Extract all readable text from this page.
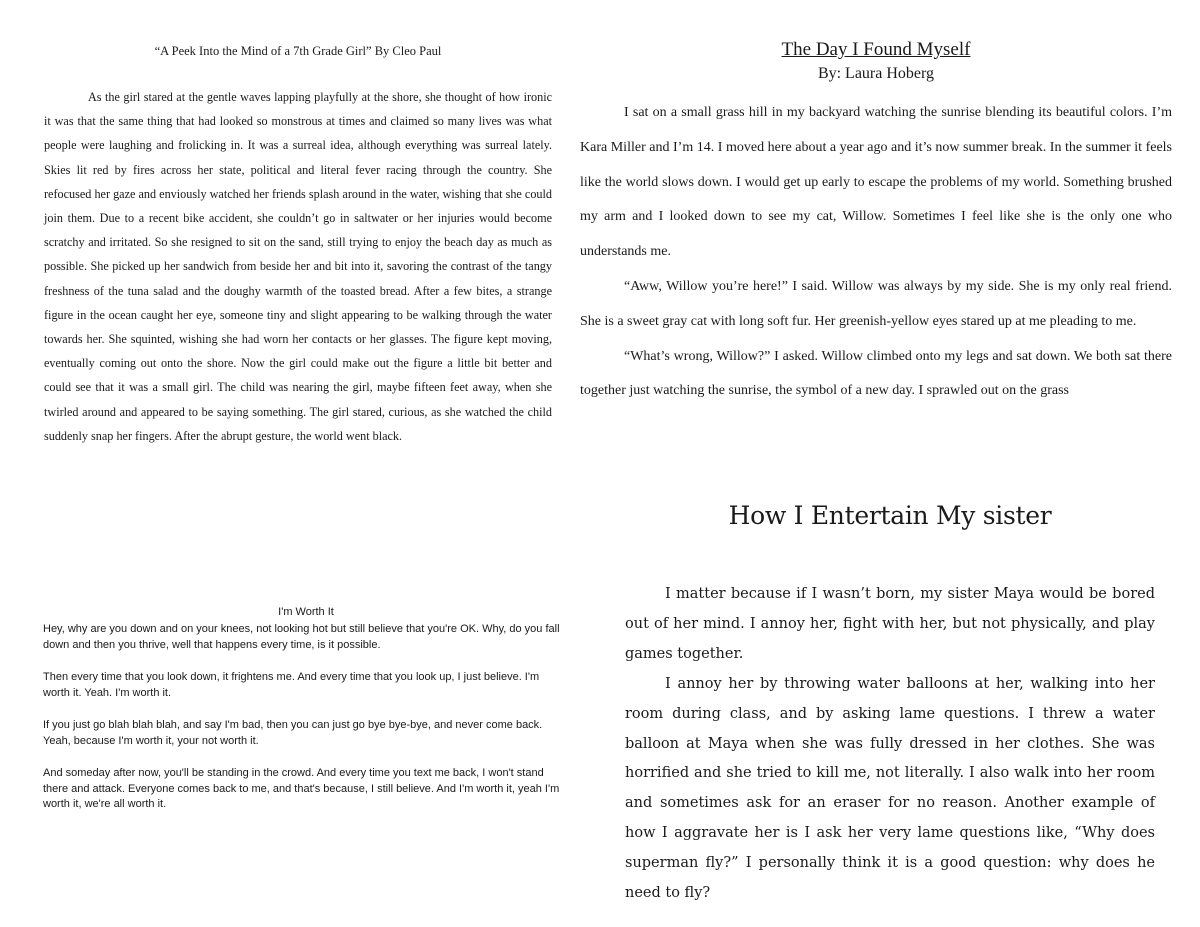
“A Peek Into the Mind of a 7th Grade Girl” By Cleo Paul

As the girl stared at the gentle waves lapping playfully at the shore, she thought of how ironic it was that the same thing that had looked so monstrous at times and claimed so many lives was what people were laughing and frolicking in. It was a surreal idea, although everything was surreal lately. Skies lit red by fires across her state, political and literal fever racing through the country. She refocused her gaze and enviously watched her friends splash around in the water, wishing that she could join them. Due to a recent bike accident, she couldn’t go in saltwater or her injuries would become scratchy and irritated. So she resigned to sit on the sand, still trying to enjoy the beach day as much as possible. She picked up her sandwich from beside her and bit into it, savoring the contrast of the tangy freshness of the tuna salad and the doughy warmth of the toasted bread. After a few bites, a strange figure in the ocean caught her eye, someone tiny and slight appearing to be walking through the water towards her. She squinted, wishing she had worn her contacts or her glasses. The figure kept moving, eventually coming out onto the shore. Now the girl could make out the figure a little bit better and could see that it was a small girl. The child was nearing the girl, maybe fifteen feet away, when she twirled around and appeared to be saying something. The girl stared, curious, as she watched the child suddenly snap her fingers. After the abrupt gesture, the world went black.

The Day I Found Myself

By: Laura Hoberg

I sat on a small grass hill in my backyard watching the sunrise blending its beautiful colors. I’m Kara Miller and I’m 14. I moved here about a year ago and it’s now summer break. In the summer it feels like the world slows down. I would get up early to escape the problems of my world. Something brushed my arm and I looked down to see my cat, Willow. Sometimes I feel like she is the only one who understands me.

“Aww, Willow you’re here!” I said. Willow was always by my side. She is my only real friend. She is a sweet gray cat with long soft fur. Her greenish-yellow eyes stared up at me pleading to me.

“What’s wrong, Willow?” I asked. Willow climbed onto my legs and sat down. We both sat there together just watching the sunrise, the symbol of a new day. I sprawled out on the grass

I'm Worth It

Hey, why are you down and on your knees, not looking hot but still believe that you're OK. Why, do you fall down and then you thrive, well that happens every time, is it possible.

Then every time that you look down, it frightens me. And every time that you look up, I just believe. I'm worth it. Yeah. I'm worth it.

If you just go blah blah blah, and say I'm bad, then you can just go bye bye-bye, and never come back. Yeah, because I'm worth it, your not worth it.

And someday after now, you'll be standing in the crowd. And every time you text me back, I won't stand there and attack. Everyone comes back to me, and that's because, I still believe. And I'm worth it, yeah I'm worth it, we're all worth it.

How I Entertain My sister

I matter because if I wasn’t born, my sister Maya would be bored out of her mind. I annoy her, fight with her, but not physically, and play games together.

I annoy her by throwing water balloons at her, walking into her room during class, and by asking lame questions. I threw a water balloon at Maya when she was fully dressed in her clothes. She was horrified and she tried to kill me, not literally. I also walk into her room and sometimes ask for an eraser for no reason. Another example of how I aggravate her is I ask her very lame questions like, “Why does superman fly?” I personally think it is a good question: why does he need to fly?
